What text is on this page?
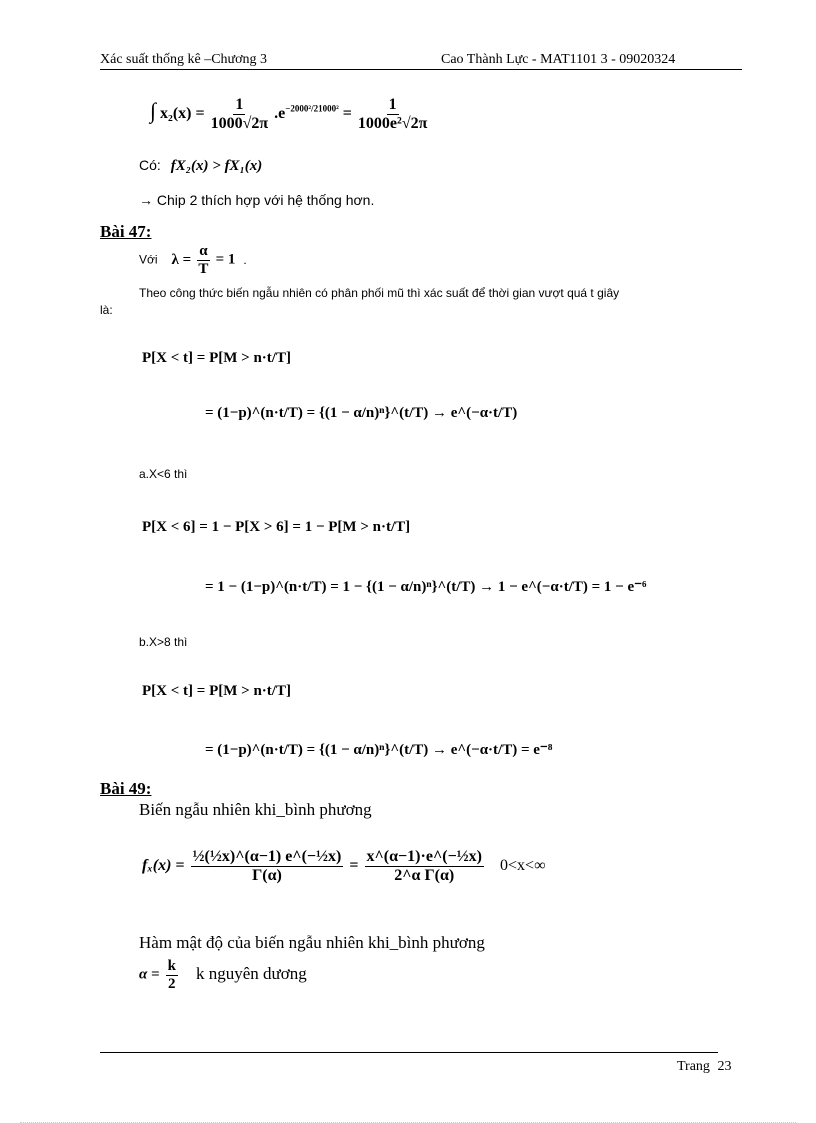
Xác suất thống kê –Chương 3	Cao Thành Lực - MAT1101 3 - 09020324
∫ $x_2(x) = \frac{1}{1000√2\pi} .e^{-2000^2/21000^2} = \frac{1}{\text{1000e²√2π}}$
Có: fX₂(x) > fX₁(x)
→ Chip 2 thích hợp với hệ thống hơn.
Bài 47:
Với $\lambda = \frac{\alpha}{T} = 1$ .
Theo công thức biến ngẫu nhiên có phân phối mũ thì xác suất để thời gian vượt quá t giây
là:
P[X < t] = P[M > n·t/T]
= (1−p)^(n·t/T) = {(1 − α/n)ⁿ}^(t/T) → e^(−α·t/T)
a.X<6 thì
P[X < 6] = 1 − P[X > 6] = 1 − P[M > n·t/T]
= 1 − (1−p)^(n·t/T) = 1 − {(1 − α/n)ⁿ}^(t/T) → 1 − e^(−α·t/T) = 1 − e⁻⁶
b.X>8 thì
P[X < t] = P[M > n·t/T]
= (1−p)^(n·t/T) = {(1 − α/n)ⁿ}^(t/T) → e^(−α·t/T) = e⁻⁸
Bài 49:
Biến ngẫu nhiên khi_bình phương
$f_x(x) = \frac{\text{½(½x)\textasciicircum{}(α−1) e\textasciicircum{}(−½x)}}{\Gamma(\alpha)} = \frac{\text{x\textasciicircum{}(α−1)·e\textasciicircum{}(−½x)}}{\text{2\textasciicircum{}α Γ(α)}} 0<x<\infty$
Hàm mật độ của biến ngẫu nhiên khi_bình phương
$\alpha = \frac{k}{2}$ k nguyên dương
Trang 23
